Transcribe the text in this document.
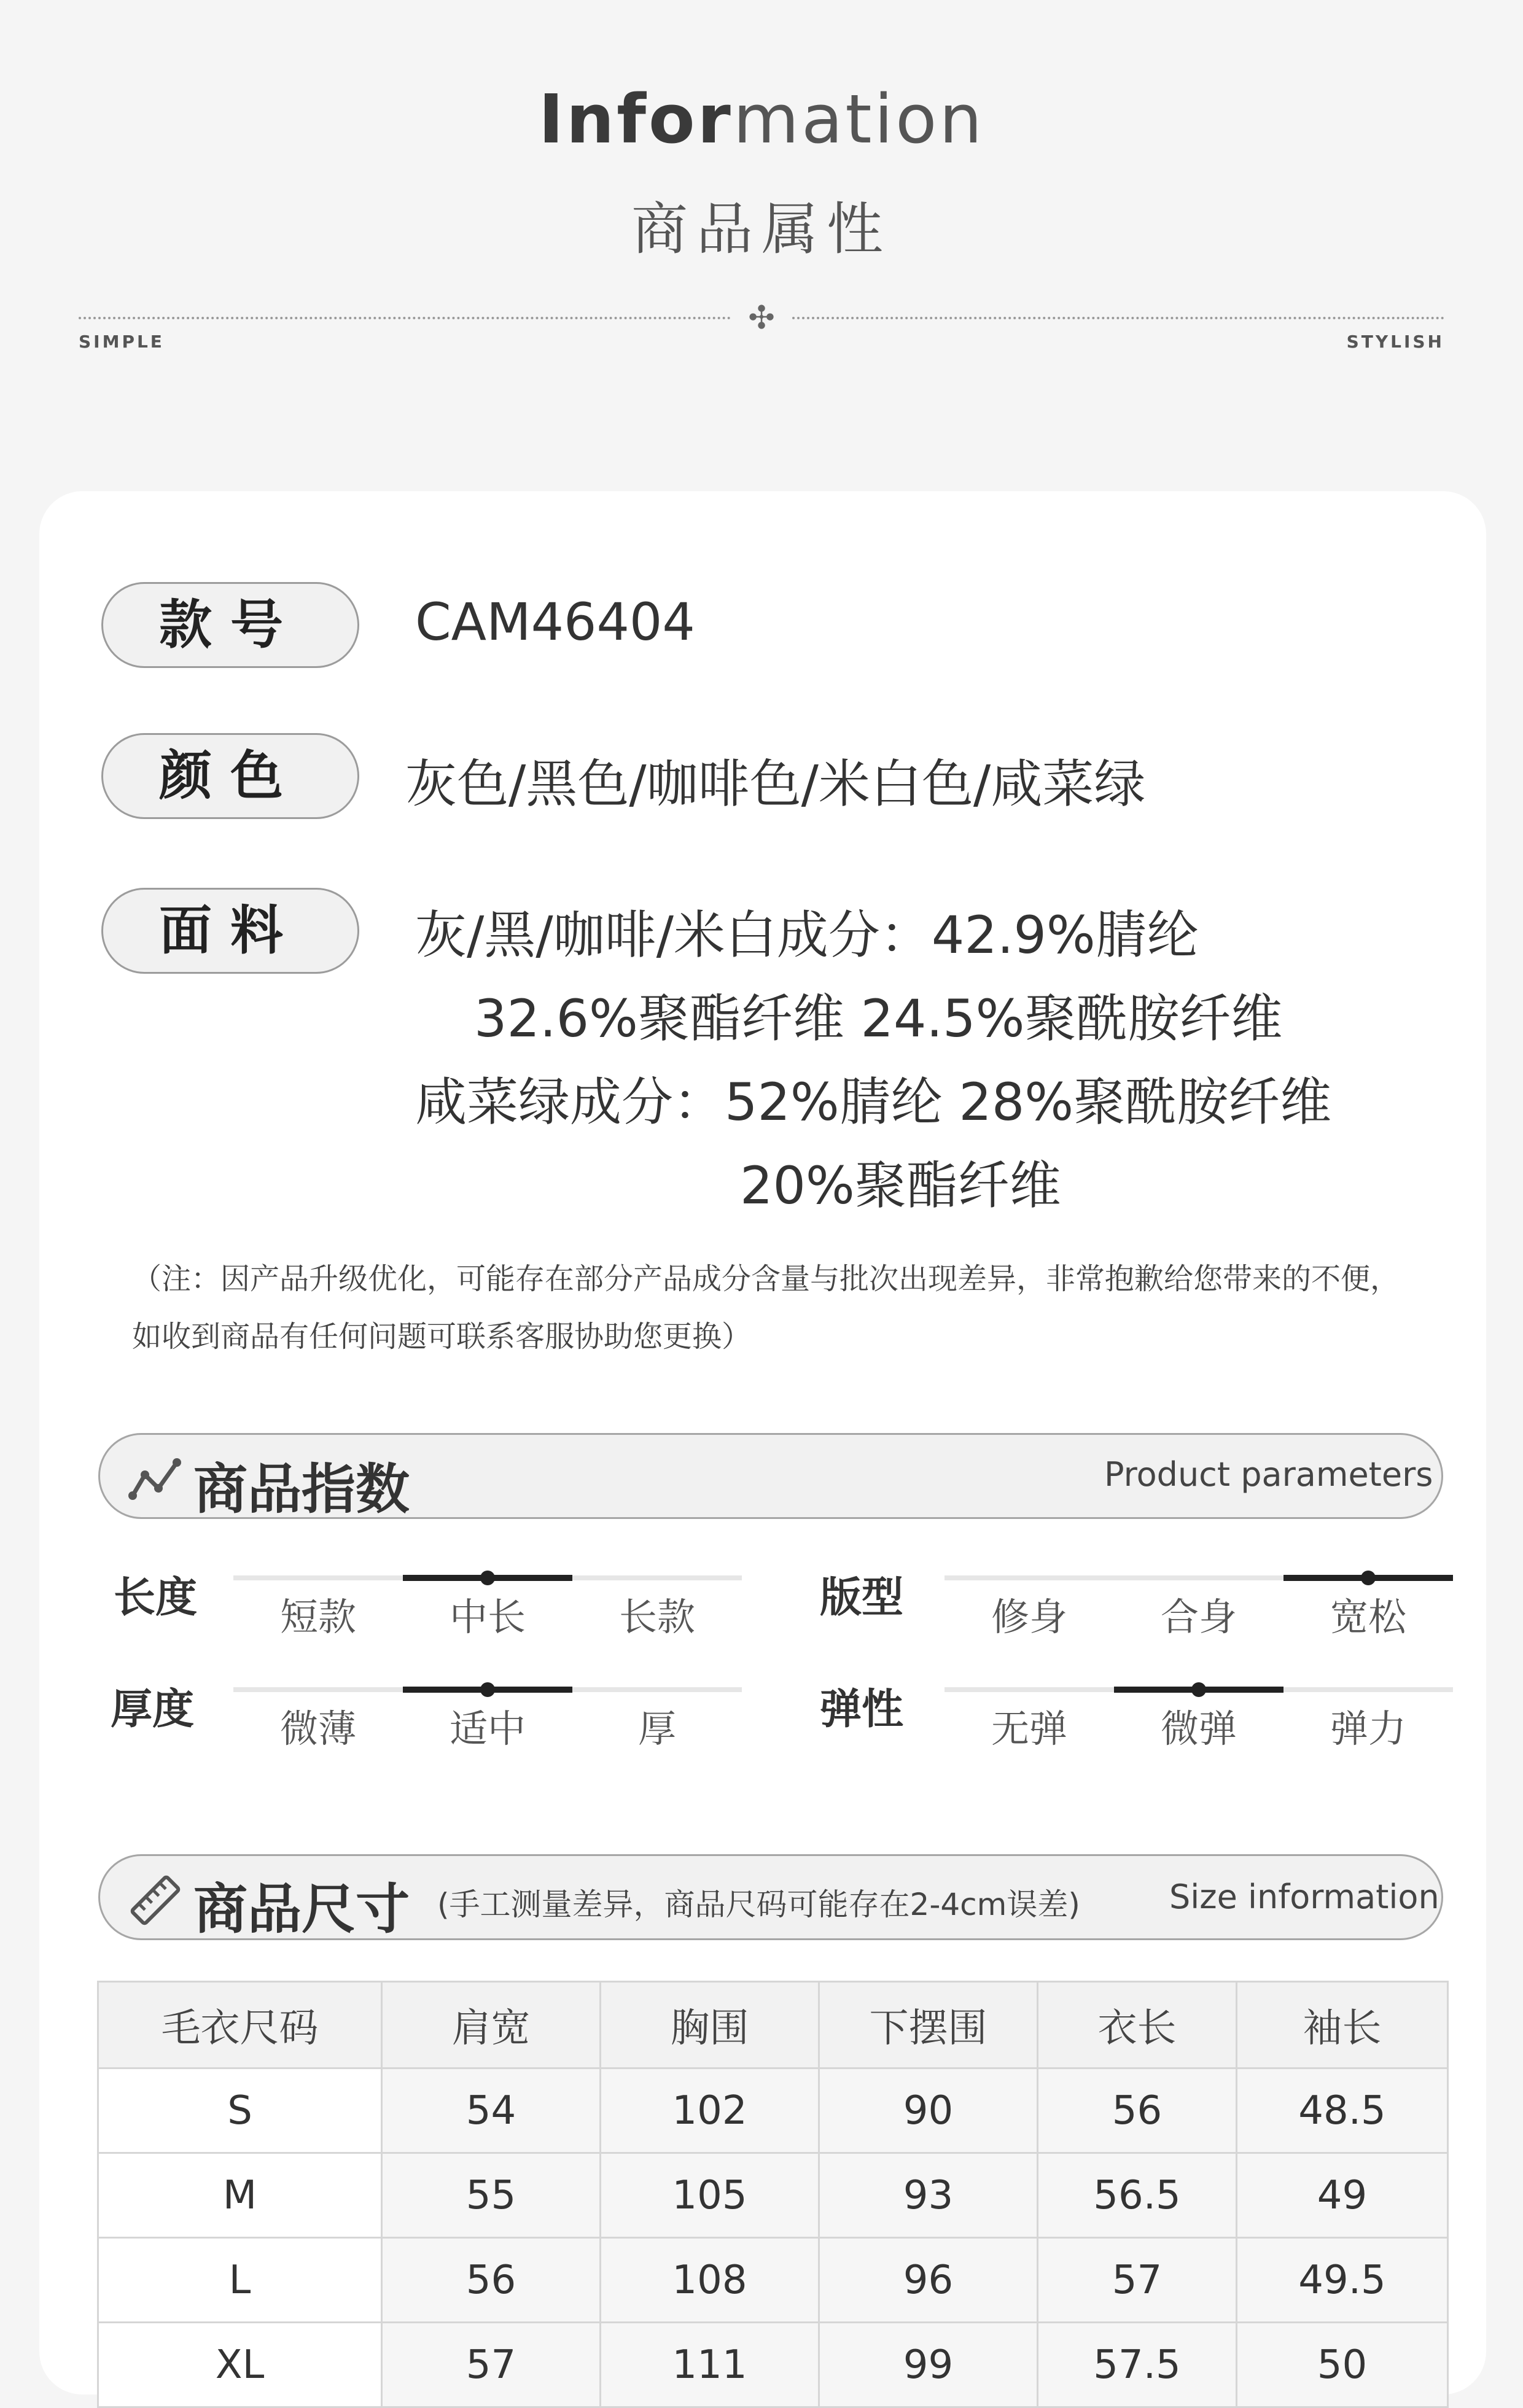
Information
商品属性
✣
SIMPLE	STYLISH
款号	CAM46404
颜色	灰色/黑色/咖啡色/米白色/咸菜绿
面料	灰/黑/咖啡/米白成分：42.9%腈纶
32.6%聚酯纤维 24.5%聚酰胺纤维
咸菜绿成分：52%腈纶 28%聚酰胺纤维
20%聚酯纤维
（注：因产品升级优化，可能存在部分产品成分含量与批次出现差异，非常抱歉给您带来的不便，
如收到商品有任何问题可联系客服协助您更换）
商品指数	Product parameters
长度	短款	中长	长款	版型	修身	合身	宽松
厚度	微薄	适中	厚	弹性	无弹	微弹	弹力
商品尺寸 (手工测量差异，商品尺码可能存在2-4cm误差)	Size information
毛衣尺码	肩宽	胸围	下摆围	衣长	袖长
S	54	102	90	56	48.5
M	55	105	93	56.5	49
L	56	108	96	57	49.5
XL	57	111	99	57.5	50
